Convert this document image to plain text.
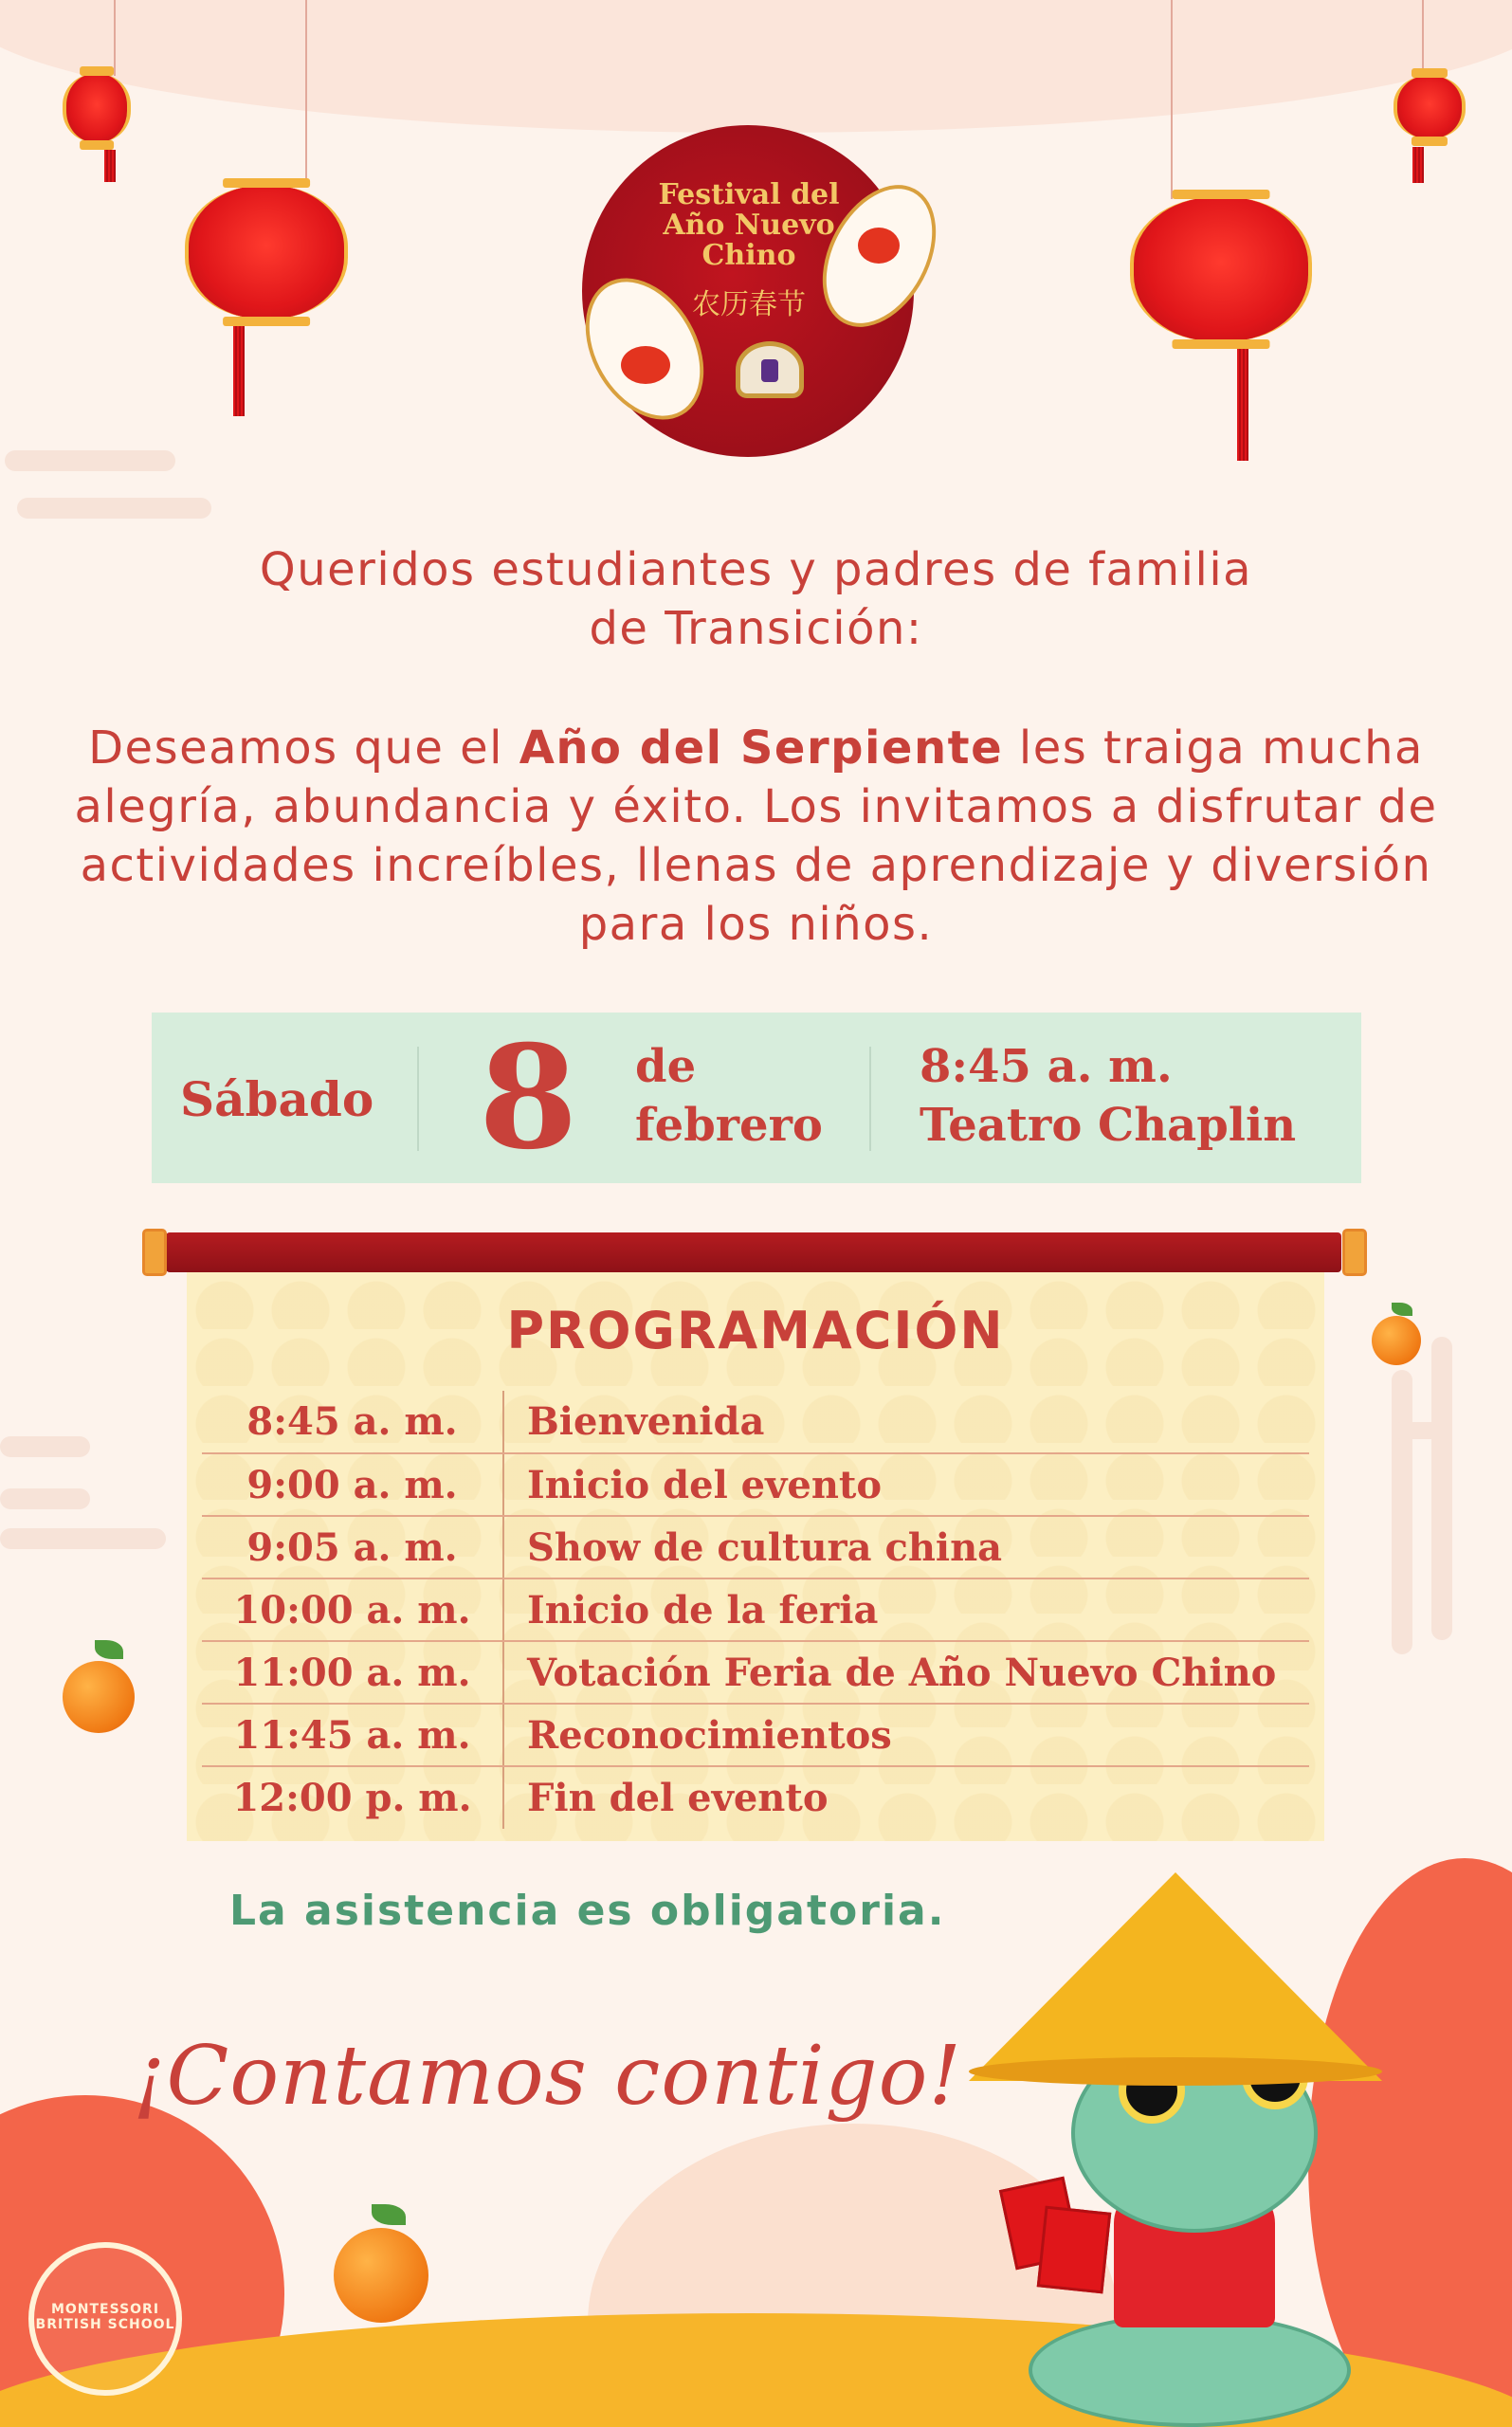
Festival del
Año Nuevo
Chino
农历春节
Queridos estudiantes y padres de familia
de Transición:
Deseamos que el Año del Serpiente les traiga mucha alegría, abundancia y éxito. Los invitamos a disfrutar de actividades increíbles, llenas de aprendizaje y diversión para los niños.
Sábado 8 de
febrero
8:45 a. m.
Teatro Chaplin
PROGRAMACIÓN
8:45 a. m.	Bienvenida
9:00 a. m.	Inicio del evento
9:05 a. m.	Show de cultura china
10:00 a. m.	Inicio de la feria
11:00 a. m.	Votación Feria de Año Nuevo Chino
11:45 a. m.	Reconocimientos
12:00 p. m.	Fin del evento
La asistencia es obligatoria.
¡Contamos contigo!
MONTESSORI BRITISH SCHOOL
